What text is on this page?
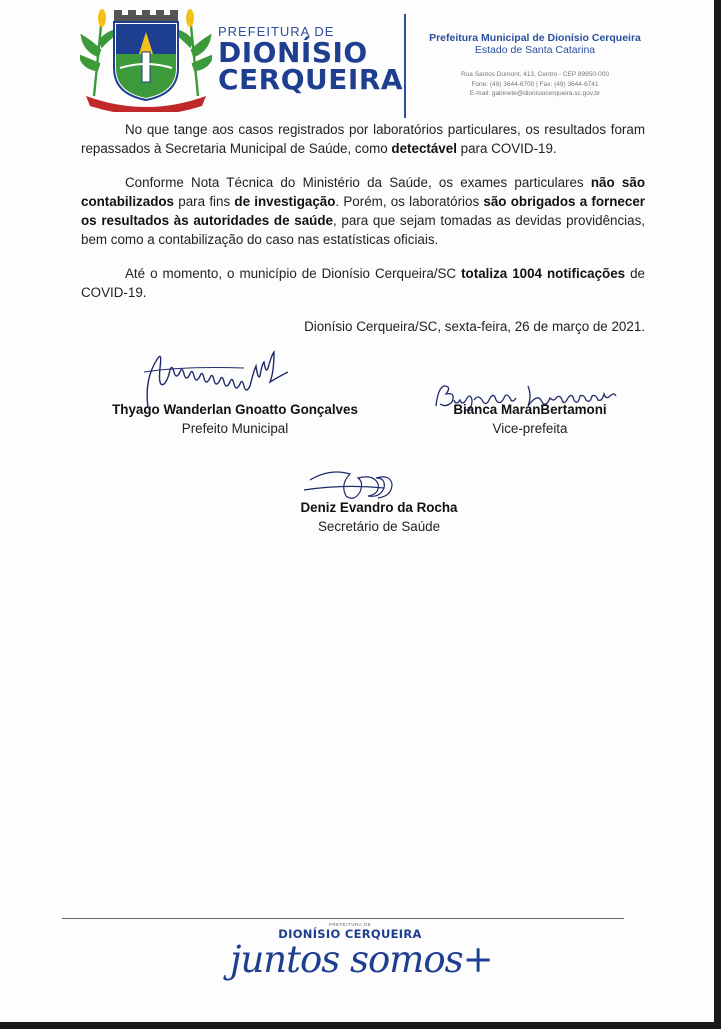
PREFEITURA DE
DIONÍSIO
CERQUEIRA
Prefeitura Municipal de Dionísio Cerqueira
Estado de Santa Catarina
Rua Santos Dumont, 413, Centro - CEP 89950-000
Fone: (49) 3644-6700 | Fax: (49) 3644-6741
E-mail: gabinete@dionisiocerqueira.sc.gov.br

No que tange aos casos registrados por laboratórios particulares, os resultados foram repassados à Secretaria Municipal de Saúde, como detectável para COVID-19.

Conforme Nota Técnica do Ministério da Saúde, os exames particulares não são contabilizados para fins de investigação. Porém, os laboratórios são obrigados a fornecer os resultados às autoridades de saúde, para que sejam tomadas as devidas providências, bem como a contabilização do caso nas estatísticas oficiais.

Até o momento, o município de Dionísio Cerqueira/SC totaliza 1004 notificações de COVID-19.

Dionísio Cerqueira/SC, sexta-feira, 26 de março de 2021.
Thyago Wanderlan Gnoatto Gonçalves
Prefeito Municipal
Bianca MaranBertamoni
Vice-prefeita
Deniz Evandro da Rocha
Secretário de Saúde
PREFEITURA DE
DIONÍSIO CERQUEIRA
juntos somos+
